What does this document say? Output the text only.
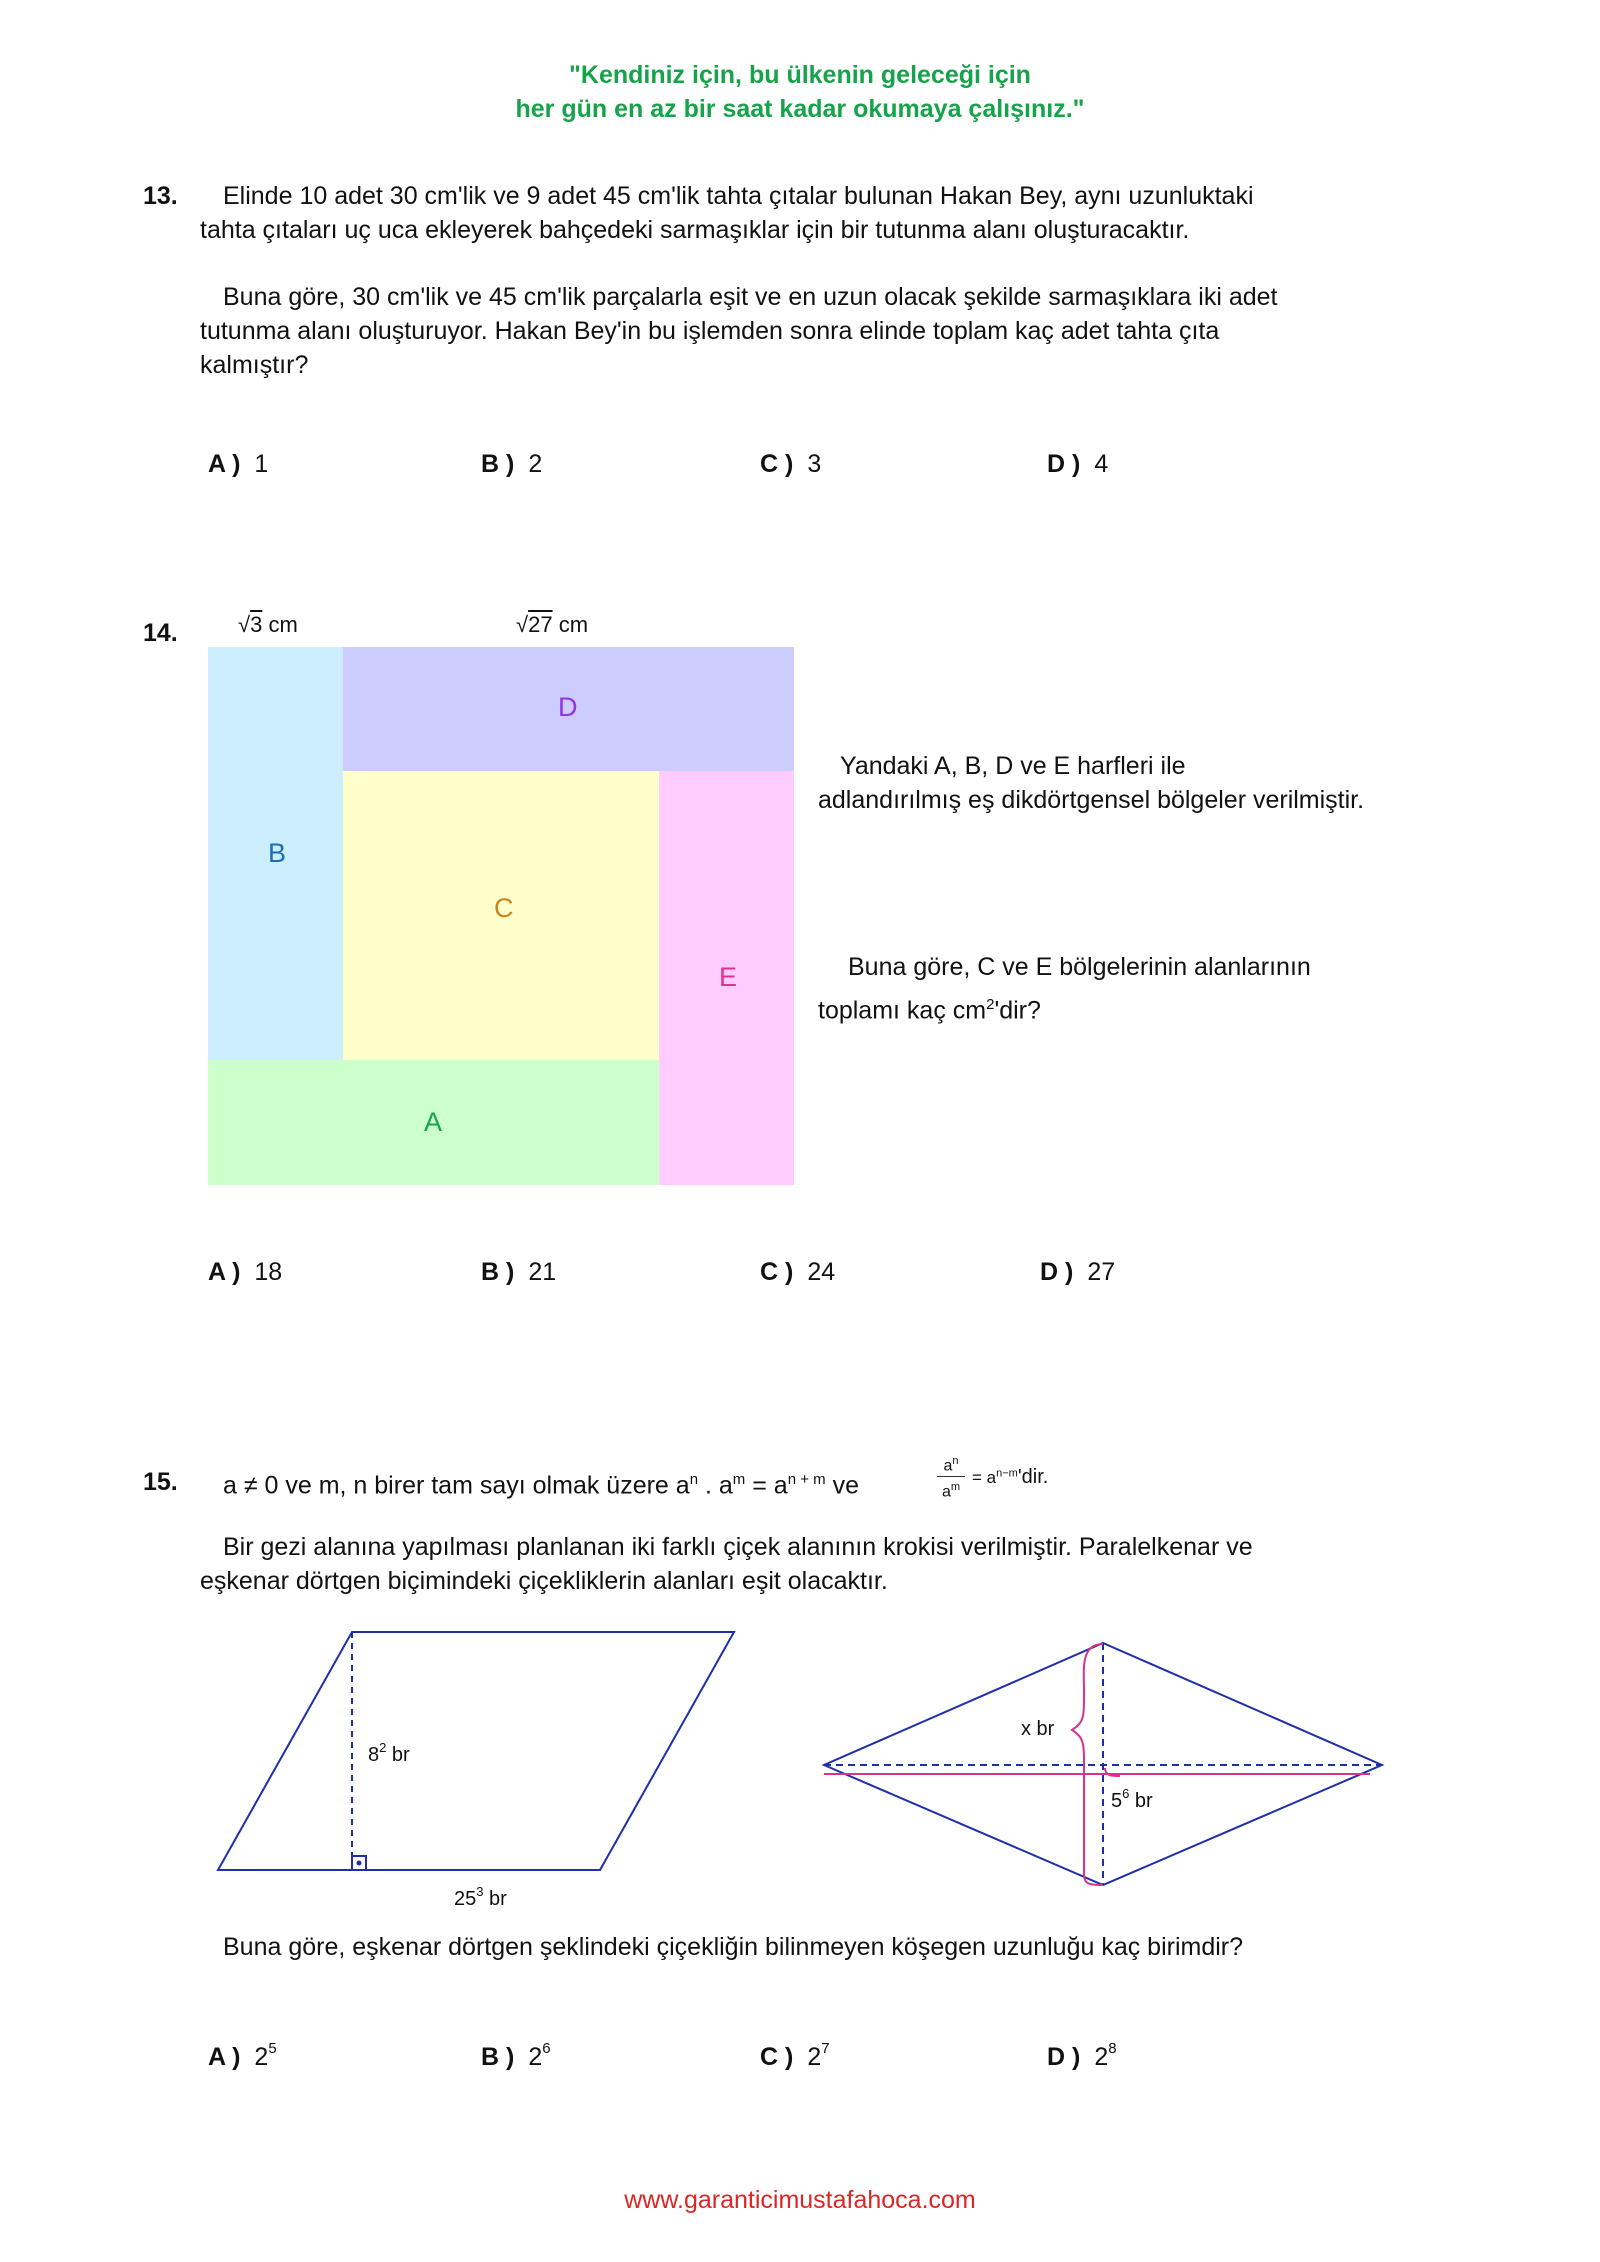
"Kendiniz için, bu ülkenin geleceği için
her gün en az bir saat kadar okumaya çalışınız."
13. Elinde 10 adet 30 cm'lik ve 9 adet 45 cm'lik tahta çıtalar bulunan Hakan Bey, aynı uzunluktaki
tahta çıtaları uç uca ekleyerek bahçedeki sarmaşıklar için bir tutunma alanı oluşturacaktır.
Buna göre, 30 cm'lik ve 45 cm'lik parçalarla eşit ve en uzun olacak şekilde sarmaşıklara iki adet
tutunma alanı oluşturuyor. Hakan Bey'in bu işlemden sonra elinde toplam kaç adet tahta çıta
kalmıştır?
A ) 1	B ) 2	C ) 3	D ) 4
14.	√3 cm	√27 cm
D
B
C
E
A
Yandaki A, B, D ve E harfleri ile
adlandırılmış eş dikdörtgensel bölgeler verilmiştir.
Buna göre, C ve E bölgelerinin alanlarının
toplamı kaç $cm^2'dir$?
A ) 18	B ) 21	C ) 24	D ) 27
15. a ≠ 0 ve m, n birer tam sayı olmak üzere $a^n$ . $a^m = a^{n + m}$ ve
$a^n$
$a^m$
= $a^{n-m}'dir$.
Bir gezi alanına yapılması planlanan iki farklı çiçek alanının krokisi verilmiştir. Paralelkenar ve
eşkenar dörtgen biçimindeki çiçekliklerin alanları eşit olacaktır.
$8^2$ br
$25^3$ br
x br
$5^6$ br
Buna göre, eşkenar dörtgen şeklindeki çiçekliğin bilinmeyen köşegen uzunluğu kaç birimdir?
A ) $2^5$	B ) $2^6$	C ) $2^7$	D ) $2^8$
www.garanticimustafahoca.com
